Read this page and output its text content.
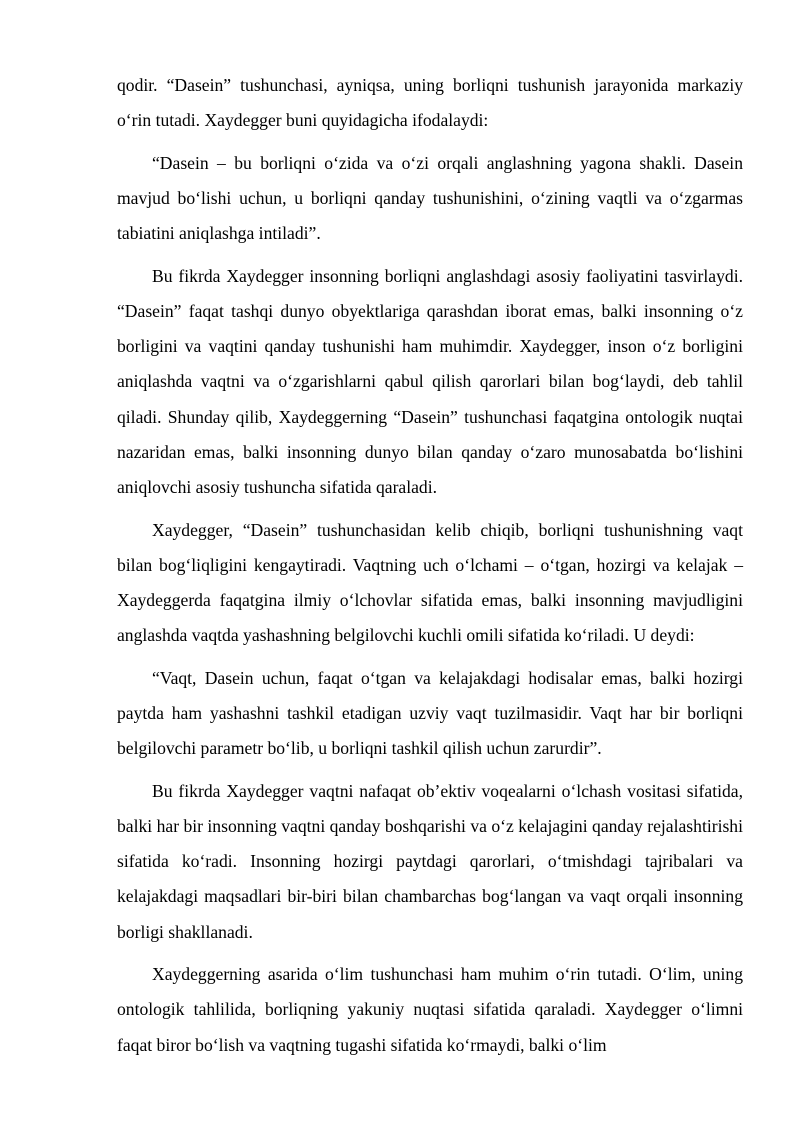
qodir. “Dasein” tushunchasi, ayniqsa, uning borliqni tushunish jarayonida markaziy o‘rin tutadi. Xaydegger buni quyidagicha ifodalaydi:

“Dasein – bu borliqni o‘zida va o‘zi orqali anglashning yagona shakli. Dasein mavjud bo‘lishi uchun, u borliqni qanday tushunishini, o‘zining vaqtli va o‘zgarmas tabiatini aniqlashga intiladi”.

Bu fikrda Xaydegger insonning borliqni anglashdagi asosiy faoliyatini tasvirlaydi. “Dasein” faqat tashqi dunyo obyektlariga qarashdan iborat emas, balki insonning o‘z borligini va vaqtini qanday tushunishi ham muhimdir. Xaydegger, inson o‘z borligini aniqlashda vaqtni va o‘zgarishlarni qabul qilish qarorlari bilan bog‘laydi, deb tahlil qiladi. Shunday qilib, Xaydeggerning “Dasein” tushunchasi faqatgina ontologik nuqtai nazaridan emas, balki insonning dunyo bilan qanday o‘zaro munosabatda bo‘lishini aniqlovchi asosiy tushuncha sifatida qaraladi.

Xaydegger, “Dasein” tushunchasidan kelib chiqib, borliqni tushunishning vaqt bilan bog‘liqligini kengaytiradi. Vaqtning uch o‘lchami – o‘tgan, hozirgi va kelajak – Xaydeggerda faqatgina ilmiy o‘lchovlar sifatida emas, balki insonning mavjudligini anglashda vaqtda yashashning belgilovchi kuchli omili sifatida ko‘riladi. U deydi:

“Vaqt, Dasein uchun, faqat o‘tgan va kelajakdagi hodisalar emas, balki hozirgi paytda ham yashashni tashkil etadigan uzviy vaqt tuzilmasidir. Vaqt har bir borliqni belgilovchi parametr bo‘lib, u borliqni tashkil qilish uchun zarurdir”.

Bu fikrda Xaydegger vaqtni nafaqat ob’ektiv voqealarni o‘lchash vositasi sifatida, balki har bir insonning vaqtni qanday boshqarishi va o‘z kelajagini qanday rejalashtirishi sifatida ko‘radi. Insonning hozirgi paytdagi qarorlari, o‘tmishdagi tajribalari va kelajakdagi maqsadlari bir-biri bilan chambarchas bog‘langan va vaqt orqali insonning borligi shakllanadi.

Xaydeggerning asarida o‘lim tushunchasi ham muhim o‘rin tutadi. O‘lim, uning ontologik tahlilida, borliqning yakuniy nuqtasi sifatida qaraladi. Xaydegger o‘limni faqat biror bo‘lish va vaqtning tugashi sifatida ko‘rmaydi, balki o‘lim
